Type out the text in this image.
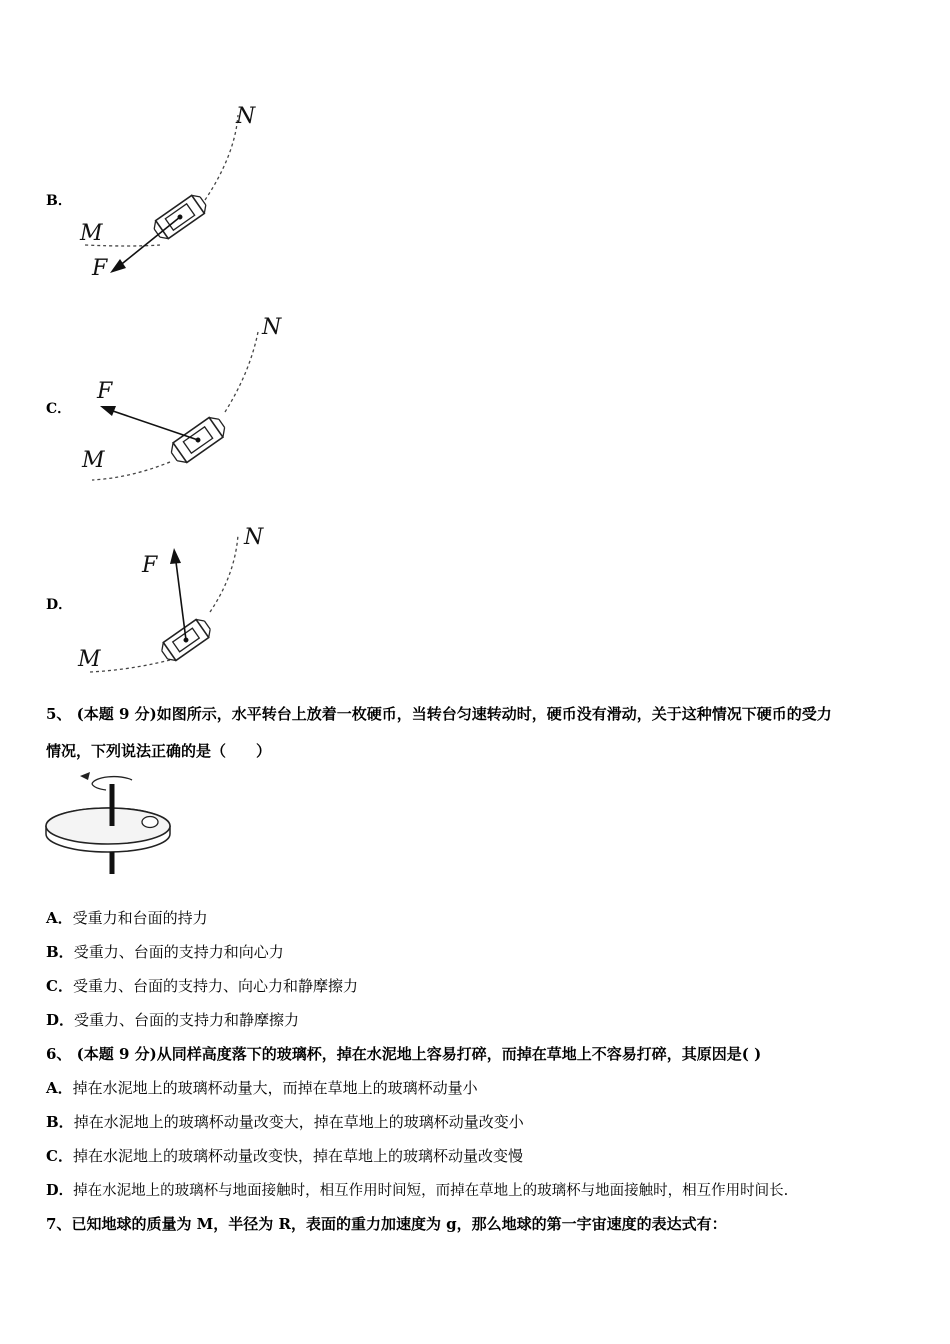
B．
N
M
F
C．
N
M
F
D．
N
M
F
5、 (本题 9 分)如图所示，水平转台上放着一枚硬币，当转台匀速转动时，硬币没有滑动，关于这种情况下硬币的受力
情况，下列说法正确的是（　　）
A．受重力和台面的持力
B．受重力、台面的支持力和向心力
C．受重力、台面的支持力、向心力和静摩擦力
D．受重力、台面的支持力和静摩擦力
6、 (本题 9 分)从同样高度落下的玻璃杯，掉在水泥地上容易打碎，而掉在草地上不容易打碎，其原因是( )
A．掉在水泥地上的玻璃杯动量大，而掉在草地上的玻璃杯动量小
B．掉在水泥地上的玻璃杯动量改变大，掉在草地上的玻璃杯动量改变小
C．掉在水泥地上的玻璃杯动量改变快，掉在草地上的玻璃杯动量改变慢
D．掉在水泥地上的玻璃杯与地面接触时，相互作用时间短，而掉在草地上的玻璃杯与地面接触时，相互作用时间长.
7、已知地球的质量为 M，半径为 R，表面的重力加速度为 g，那么地球的第一宇宙速度的表达式有：
